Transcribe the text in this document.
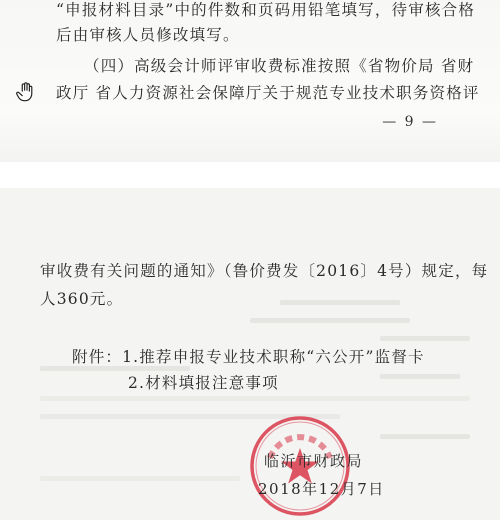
“申报材料目录”中的件数和页码用铅笔填写，待审核合格
后由审核人员修改填写。
（四）高级会计师评审收费标准按照《省物价局 省财
政厅 省人力资源社会保障厅关于规范专业技术职务资格评
— 9 —
审收费有关问题的通知》（鲁价费发〔2016〕4号）规定，每
人360元。
附件：1.推荐申报专业技术职称“六公开”监督卡
2.材料填报注意事项
临沂市财政局
2018年12月7日
